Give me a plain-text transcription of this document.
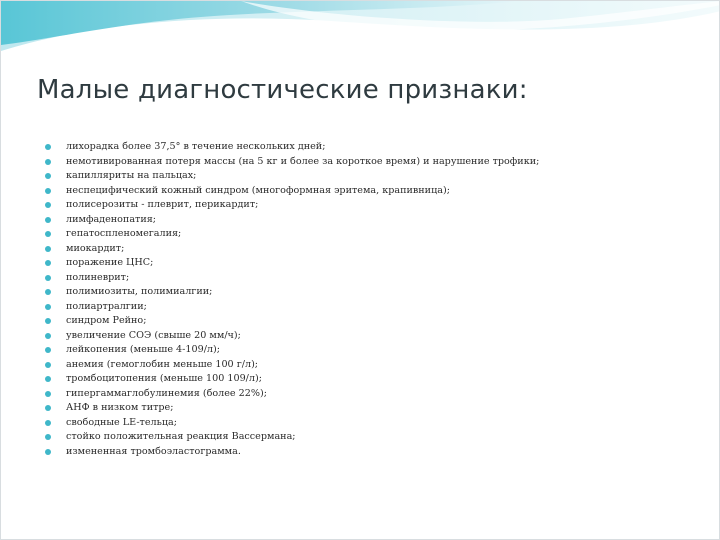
Малые диагностические признаки:
лихорадка более 37,5° в течение нескольких дней;
немотивированная потеря массы (на 5 кг и более за короткое время) и нарушение трофики;
капилляриты на пальцах;
неспецифический кожный синдром (многоформная эритема, крапивница);
полисерозиты - плеврит, перикардит;
лимфаденопатия;
гепатоспленомегалия;
миокардит;
поражение ЦНС;
полиневрит;
полимиозиты, полимиалгии;
полиартралгии;
синдром Рейно;
увеличение СОЭ (свыше 20 мм/ч);
лейкопения (меньше 4-109/л);
анемия (гемоглобин меньше 100 г/л);
тромбоцитопения (меньше 100 109/л);
гипергаммаглобулинемия (более 22%);
АНФ в низком титре;
свободные LE-тельца;
стойко положительная реакция Вассермана;
измененная тромбоэластограмма.
